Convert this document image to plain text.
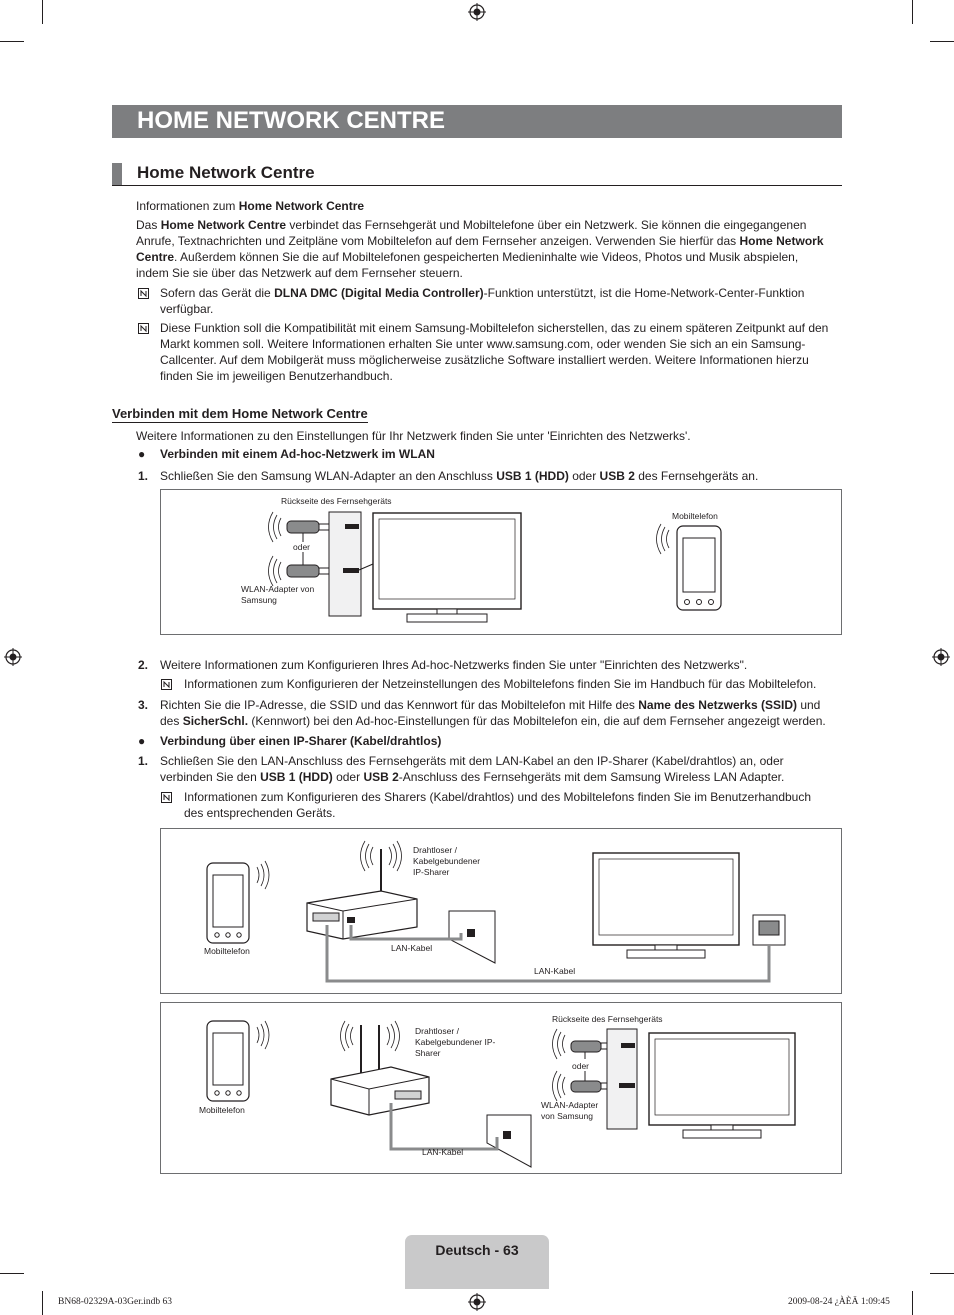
HOME NETWORK CENTRE
Home Network Centre
Informationen zum Home Network Centre
Das Home Network Centre verbindet das Fernsehgerät und Mobiltelefone über ein Netzwerk. Sie können die eingegangenen
Anrufe, Textnachrichten und Zeitpläne vom Mobiltelefon auf dem Fernseher anzeigen. Verwenden Sie hierfür das Home Network
Centre. Außerdem können Sie die auf Mobiltelefonen gespeicherten Medieninhalte wie Videos, Photos und Musik abspielen,
indem Sie sie über das Netzwerk auf dem Fernseher steuern.
Sofern das Gerät die DLNA DMC (Digital Media Controller)-Funktion unterstützt, ist die Home-Network-Center-Funktion
verfügbar.
Diese Funktion soll die Kompatibilität mit einem Samsung-Mobiltelefon sicherstellen, das zu einem späteren Zeitpunkt auf den
Markt kommen soll. Weitere Informationen erhalten Sie unter www.samsung.com, oder wenden Sie sich an ein Samsung-
Callcenter. Auf dem Mobilgerät muss möglicherweise zusätzliche Software installiert werden. Weitere Informationen hierzu
finden Sie im jeweiligen Benutzerhandbuch.
Verbinden mit dem Home Network Centre
Weitere Informationen zu den Einstellungen für Ihr Netzwerk finden Sie unter 'Einrichten des Netzwerks'.
● Verbinden mit einem Ad-hoc-Netzwerk im WLAN
1. Schließen Sie den Samsung WLAN-Adapter an den Anschluss USB 1 (HDD) oder USB 2 des Fernsehgeräts an.
Rückseite des Fernsehgeräts
oder
WLAN-Adapter von
Samsung
Mobiltelefon
2. Weitere Informationen zum Konfigurieren Ihres Ad-hoc-Netzwerks finden Sie unter "Einrichten des Netzwerks".
Informationen zum Konfigurieren der Netzeinstellungen des Mobiltelefons finden Sie im Handbuch für das Mobiltelefon.
3. Richten Sie die IP-Adresse, die SSID und das Kennwort für das Mobiltelefon mit Hilfe des Name des Netzwerks (SSID) und
des SicherSchl. (Kennwort) bei den Ad-hoc-Einstellungen für das Mobiltelefon ein, die auf dem Fernseher angezeigt werden.
● Verbindung über einen IP-Sharer (Kabel/drahtlos)
1. Schließen Sie den LAN-Anschluss des Fernsehgeräts mit dem LAN-Kabel an den IP-Sharer (Kabel/drahtlos) an, oder
verbinden Sie den USB 1 (HDD) oder USB 2-Anschluss des Fernsehgeräts mit dem Samsung Wireless LAN Adapter.
Informationen zum Konfigurieren des Sharers (Kabel/drahtlos) und des Mobiltelefons finden Sie im Benutzerhandbuch
des entsprechenden Geräts.
Drahtloser /
Kabelgebundener
IP-Sharer
Mobiltelefon	LAN-Kabel
LAN-Kabel
Drahtloser /
Kabelgebundener IP-
Sharer
Rückseite des Fernsehgeräts
oder
WLAN-Adapter
von Samsung
Mobiltelefon
LAN-Kabel
Deutsch - 63
BN68-02329A-03Ger.indb 63	2009-08-24 ¿ÀÈÄ 1:09:45
